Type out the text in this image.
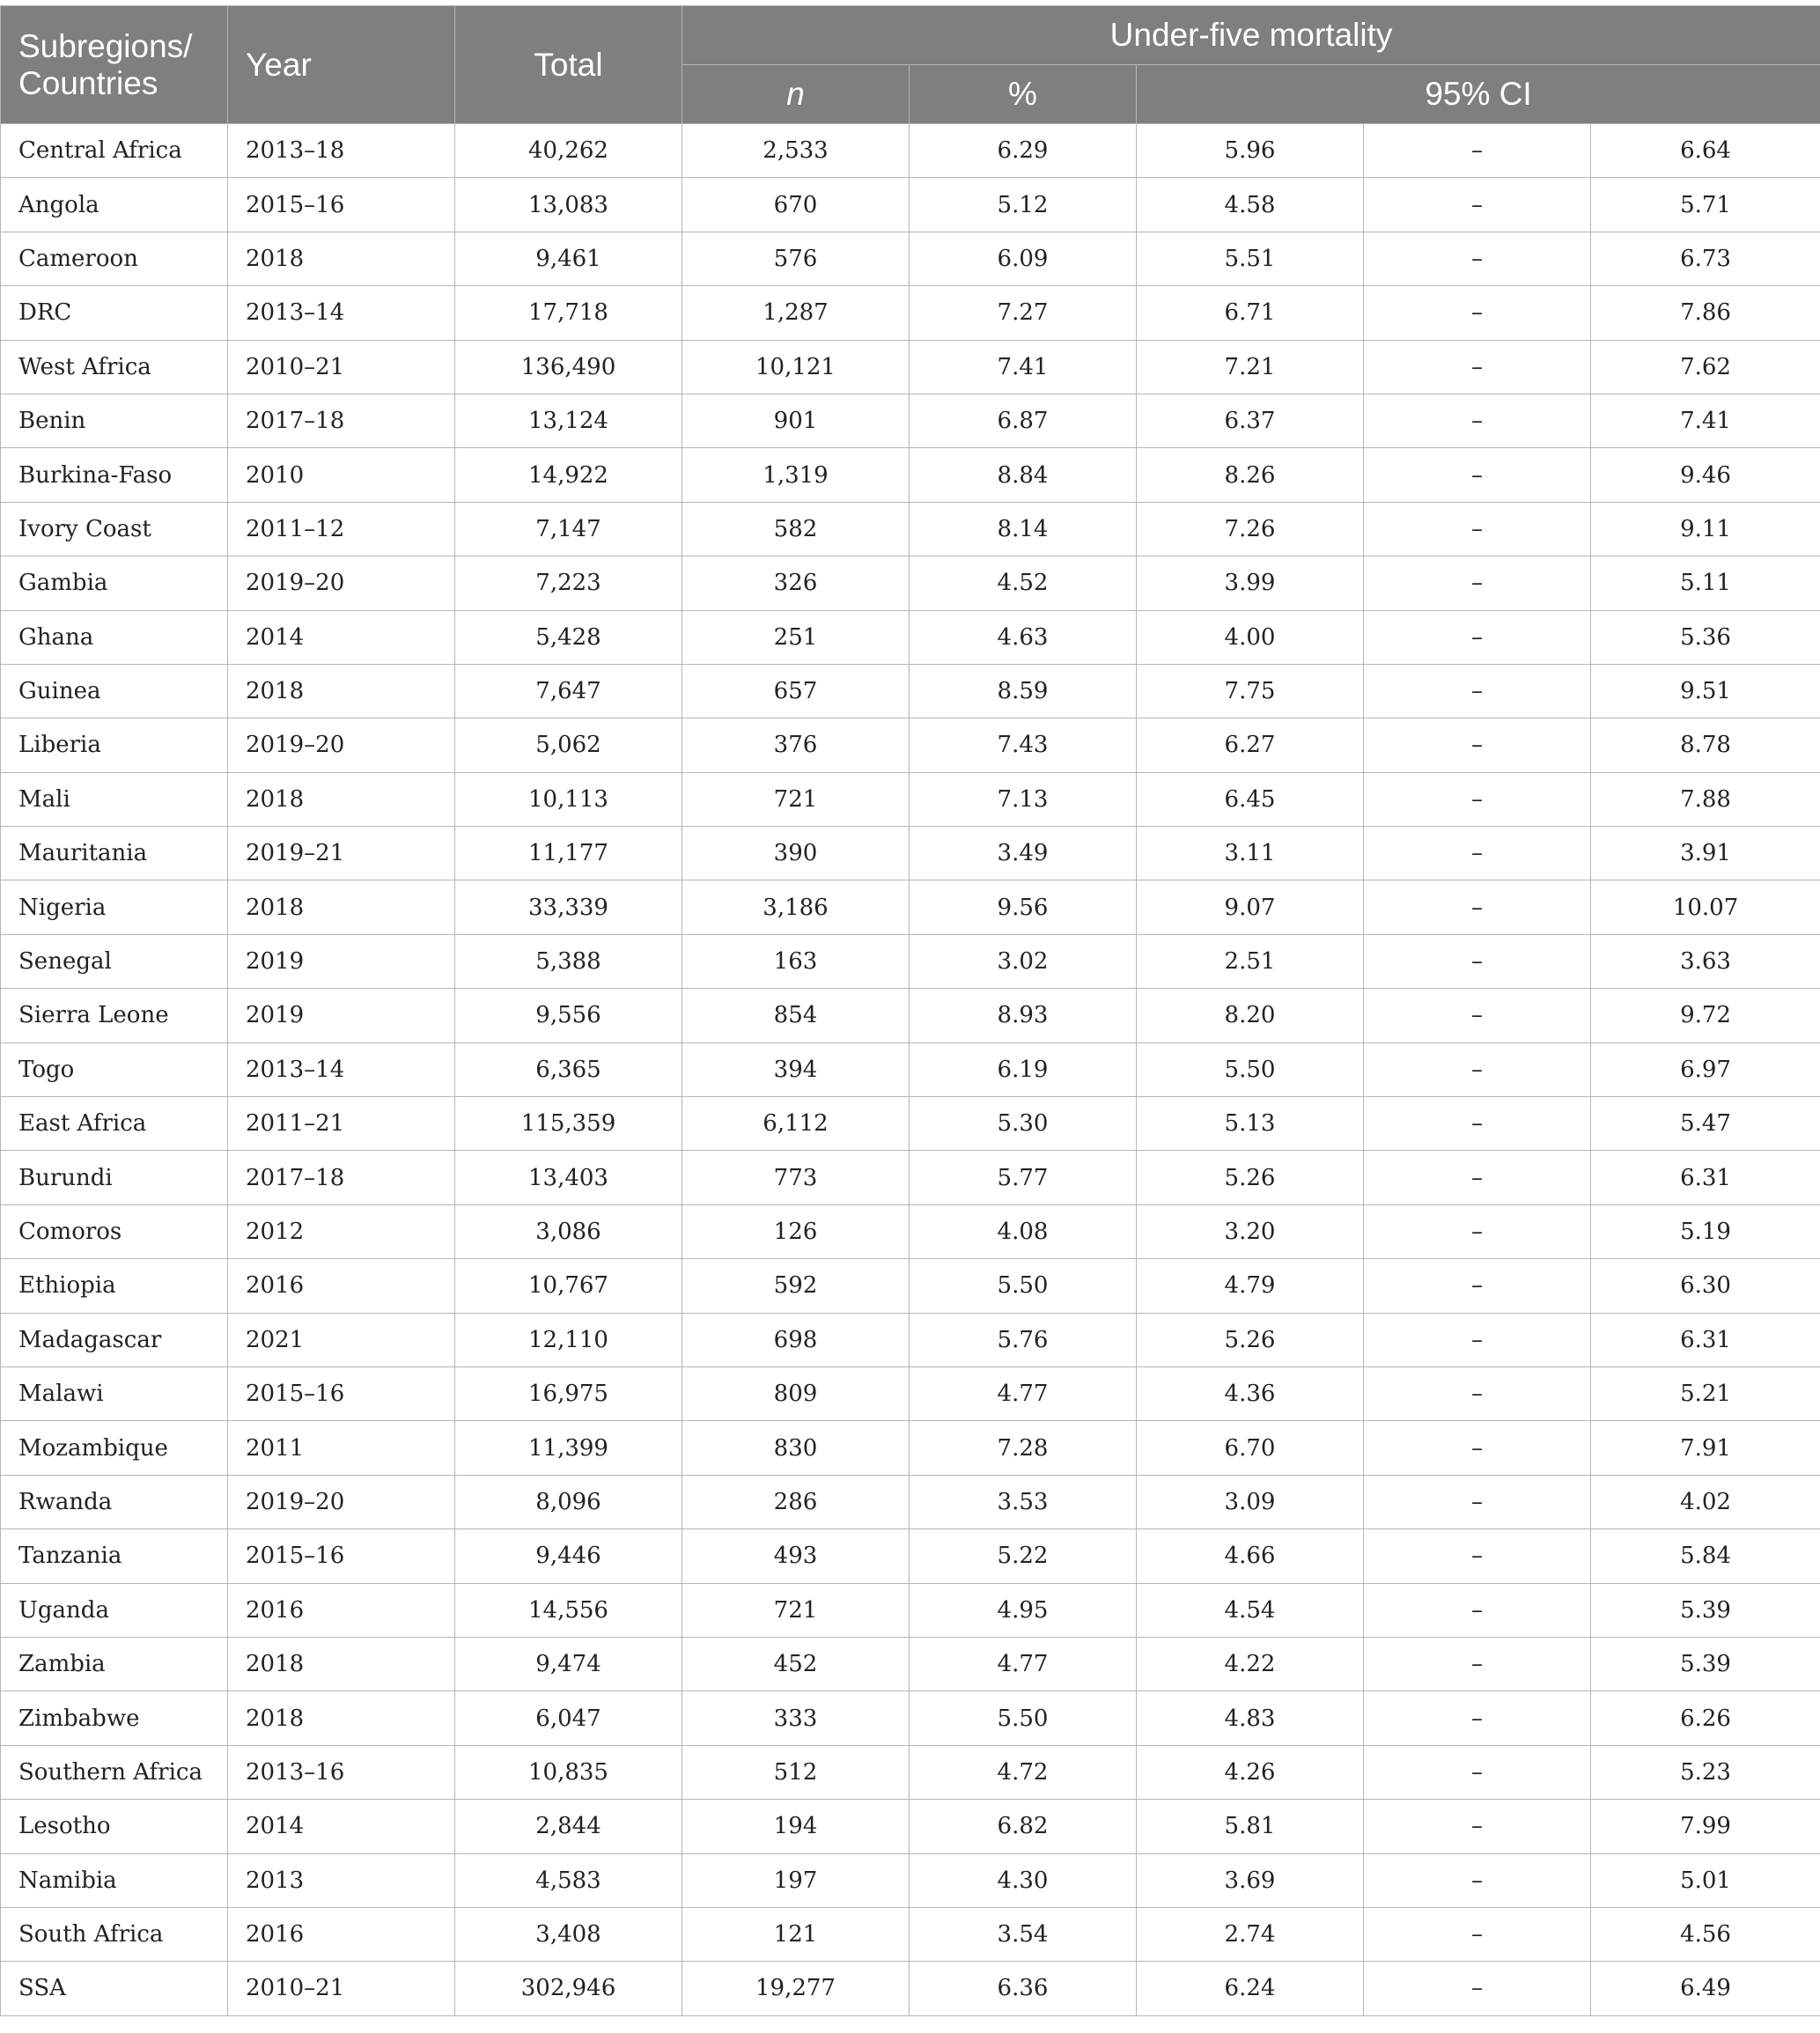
Subregions/ Countries	Year	Total	Under-five mortality				
			n	%	95% CI		
Central Africa	2013–18	40,262	2,533	6.29	5.96	–	6.64
Angola	2015–16	13,083	670	5.12	4.58	–	5.71
Cameroon	2018	9,461	576	6.09	5.51	–	6.73
DRC	2013–14	17,718	1,287	7.27	6.71	–	7.86
West Africa	2010–21	136,490	10,121	7.41	7.21	–	7.62
Benin	2017–18	13,124	901	6.87	6.37	–	7.41
Burkina-Faso	2010	14,922	1,319	8.84	8.26	–	9.46
Ivory Coast	2011–12	7,147	582	8.14	7.26	–	9.11
Gambia	2019–20	7,223	326	4.52	3.99	–	5.11
Ghana	2014	5,428	251	4.63	4.00	–	5.36
Guinea	2018	7,647	657	8.59	7.75	–	9.51
Liberia	2019–20	5,062	376	7.43	6.27	–	8.78
Mali	2018	10,113	721	7.13	6.45	–	7.88
Mauritania	2019–21	11,177	390	3.49	3.11	–	3.91
Nigeria	2018	33,339	3,186	9.56	9.07	–	10.07
Senegal	2019	5,388	163	3.02	2.51	–	3.63
Sierra Leone	2019	9,556	854	8.93	8.20	–	9.72
Togo	2013–14	6,365	394	6.19	5.50	–	6.97
East Africa	2011–21	115,359	6,112	5.30	5.13	–	5.47
Burundi	2017–18	13,403	773	5.77	5.26	–	6.31
Comoros	2012	3,086	126	4.08	3.20	–	5.19
Ethiopia	2016	10,767	592	5.50	4.79	–	6.30
Madagascar	2021	12,110	698	5.76	5.26	–	6.31
Malawi	2015–16	16,975	809	4.77	4.36	–	5.21
Mozambique	2011	11,399	830	7.28	6.70	–	7.91
Rwanda	2019–20	8,096	286	3.53	3.09	–	4.02
Tanzania	2015–16	9,446	493	5.22	4.66	–	5.84
Uganda	2016	14,556	721	4.95	4.54	–	5.39
Zambia	2018	9,474	452	4.77	4.22	–	5.39
Zimbabwe	2018	6,047	333	5.50	4.83	–	6.26
Southern Africa	2013–16	10,835	512	4.72	4.26	–	5.23
Lesotho	2014	2,844	194	6.82	5.81	–	7.99
Namibia	2013	4,583	197	4.30	3.69	–	5.01
South Africa	2016	3,408	121	3.54	2.74	–	4.56
SSA	2010–21	302,946	19,277	6.36	6.24	–	6.49
